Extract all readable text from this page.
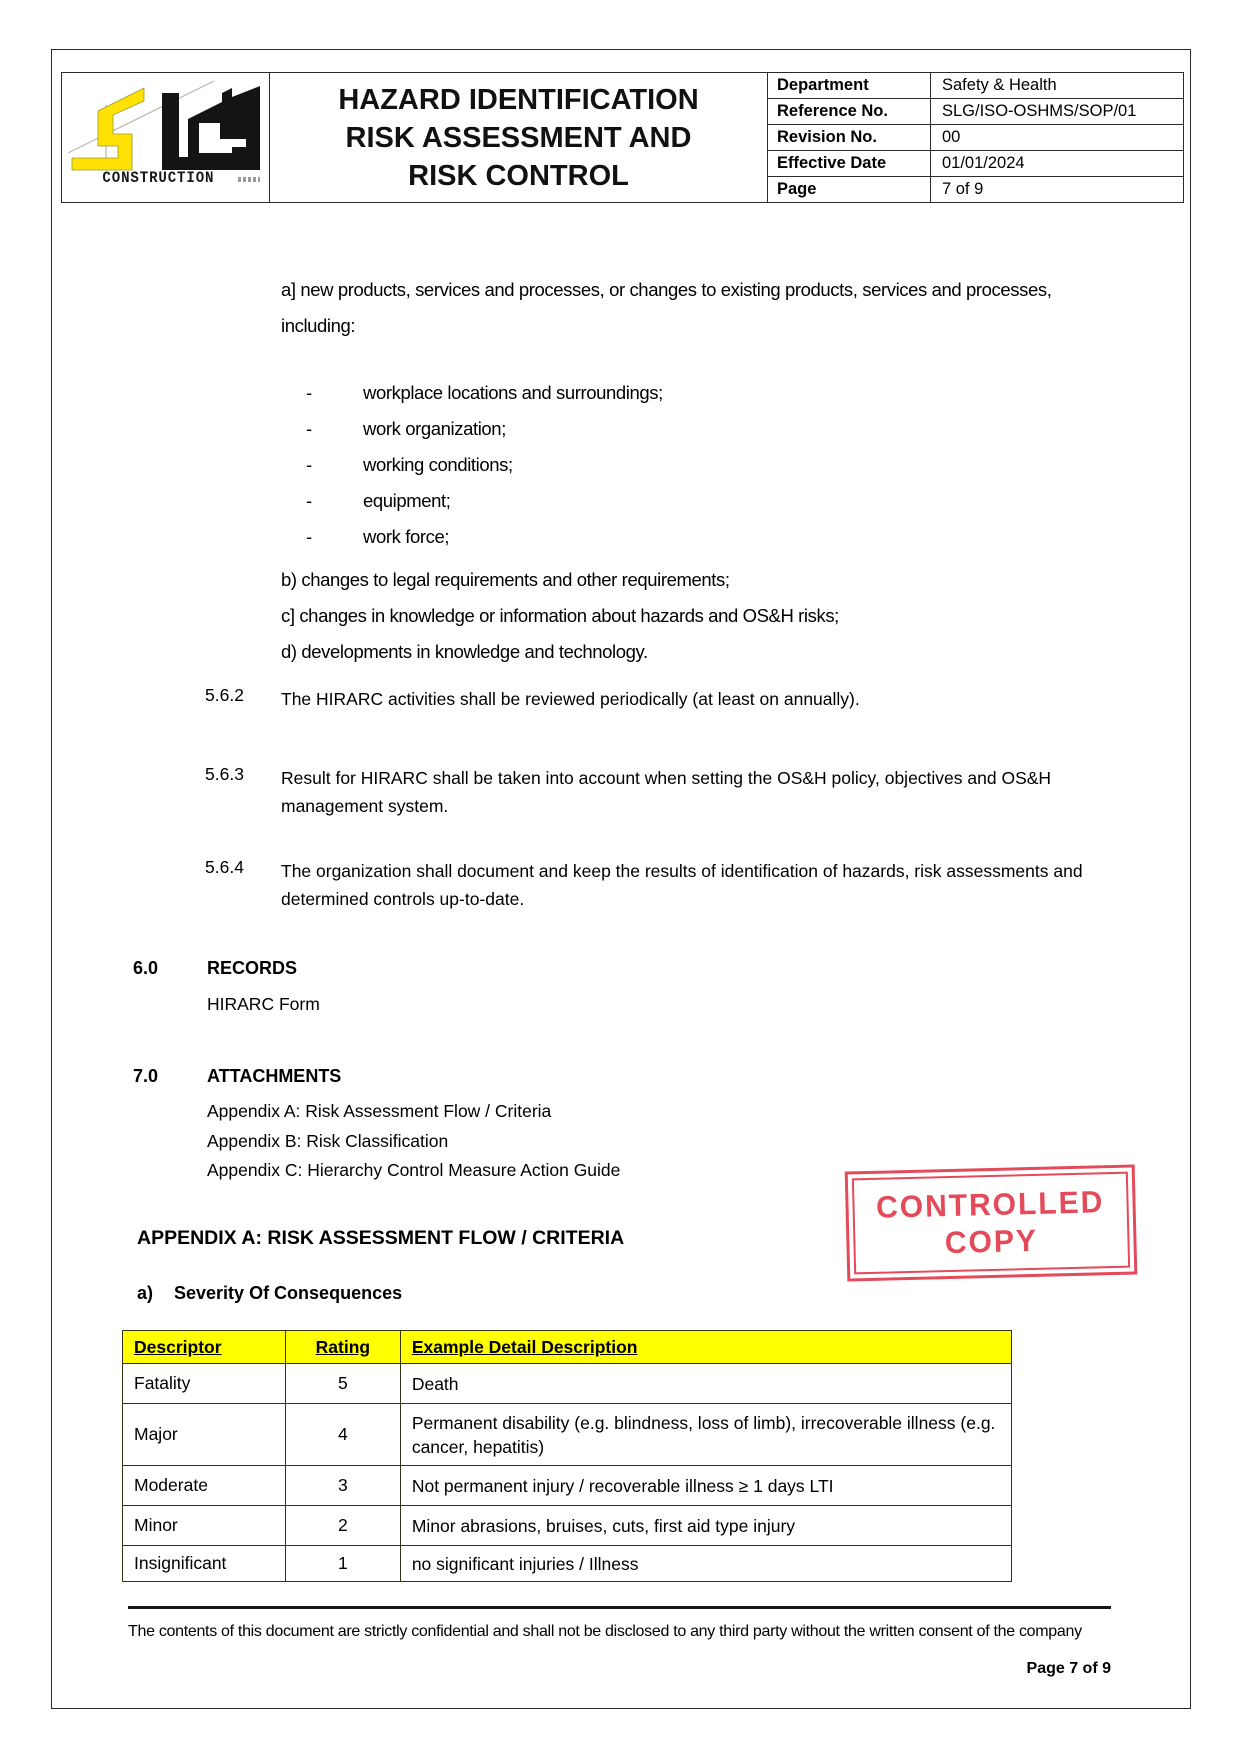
CONSTRUCTION
HAZARD IDENTIFICATION
RISK ASSESSMENT AND
RISK CONTROL
Department	Safety & Health
Reference No.	SLG/ISO-OSHMS/SOP/01
Revision No.	00
Effective Date	01/01/2024
Page	7 of 9
a] new products, services and processes, or changes to existing products, services and processes, including:
-	workplace locations and surroundings;
-	work organization;
-	working conditions;
-	equipment;
-	work force;
b) changes to legal requirements and other requirements;
c] changes in knowledge or information about hazards and OS&H risks;
d) developments in knowledge and technology.
5.6.2 The HIRARC activities shall be reviewed periodically (at least on annually).
5.6.3 Result for HIRARC shall be taken into account when setting the OS&H policy, objectives and OS&H management system.
5.6.4 The organization shall document and keep the results of identification of hazards, risk assessments and determined controls up-to-date.
6.0	RECORDS
HIRARC Form
7.0	ATTACHMENTS
Appendix A: Risk Assessment Flow / Criteria
Appendix B: Risk Classification
Appendix C: Hierarchy Control Measure Action Guide
APPENDIX A: RISK ASSESSMENT FLOW / CRITERIA
a) Severity Of Consequences
CONTROLLED
COPY
Descriptor	Rating	Example Detail Description
Fatality	5	Death
Major	4	Permanent disability (e.g. blindness, loss of limb), irrecoverable illness (e.g. cancer, hepatitis)
Moderate	3	Not permanent injury / recoverable illness ≥ 1 days LTI
Minor	2	Minor abrasions, bruises, cuts, first aid type injury
Insignificant	1	no significant injuries / Illness
The contents of this document are strictly confidential and shall not be disclosed to any third party without the written consent of the company
Page 7 of 9
